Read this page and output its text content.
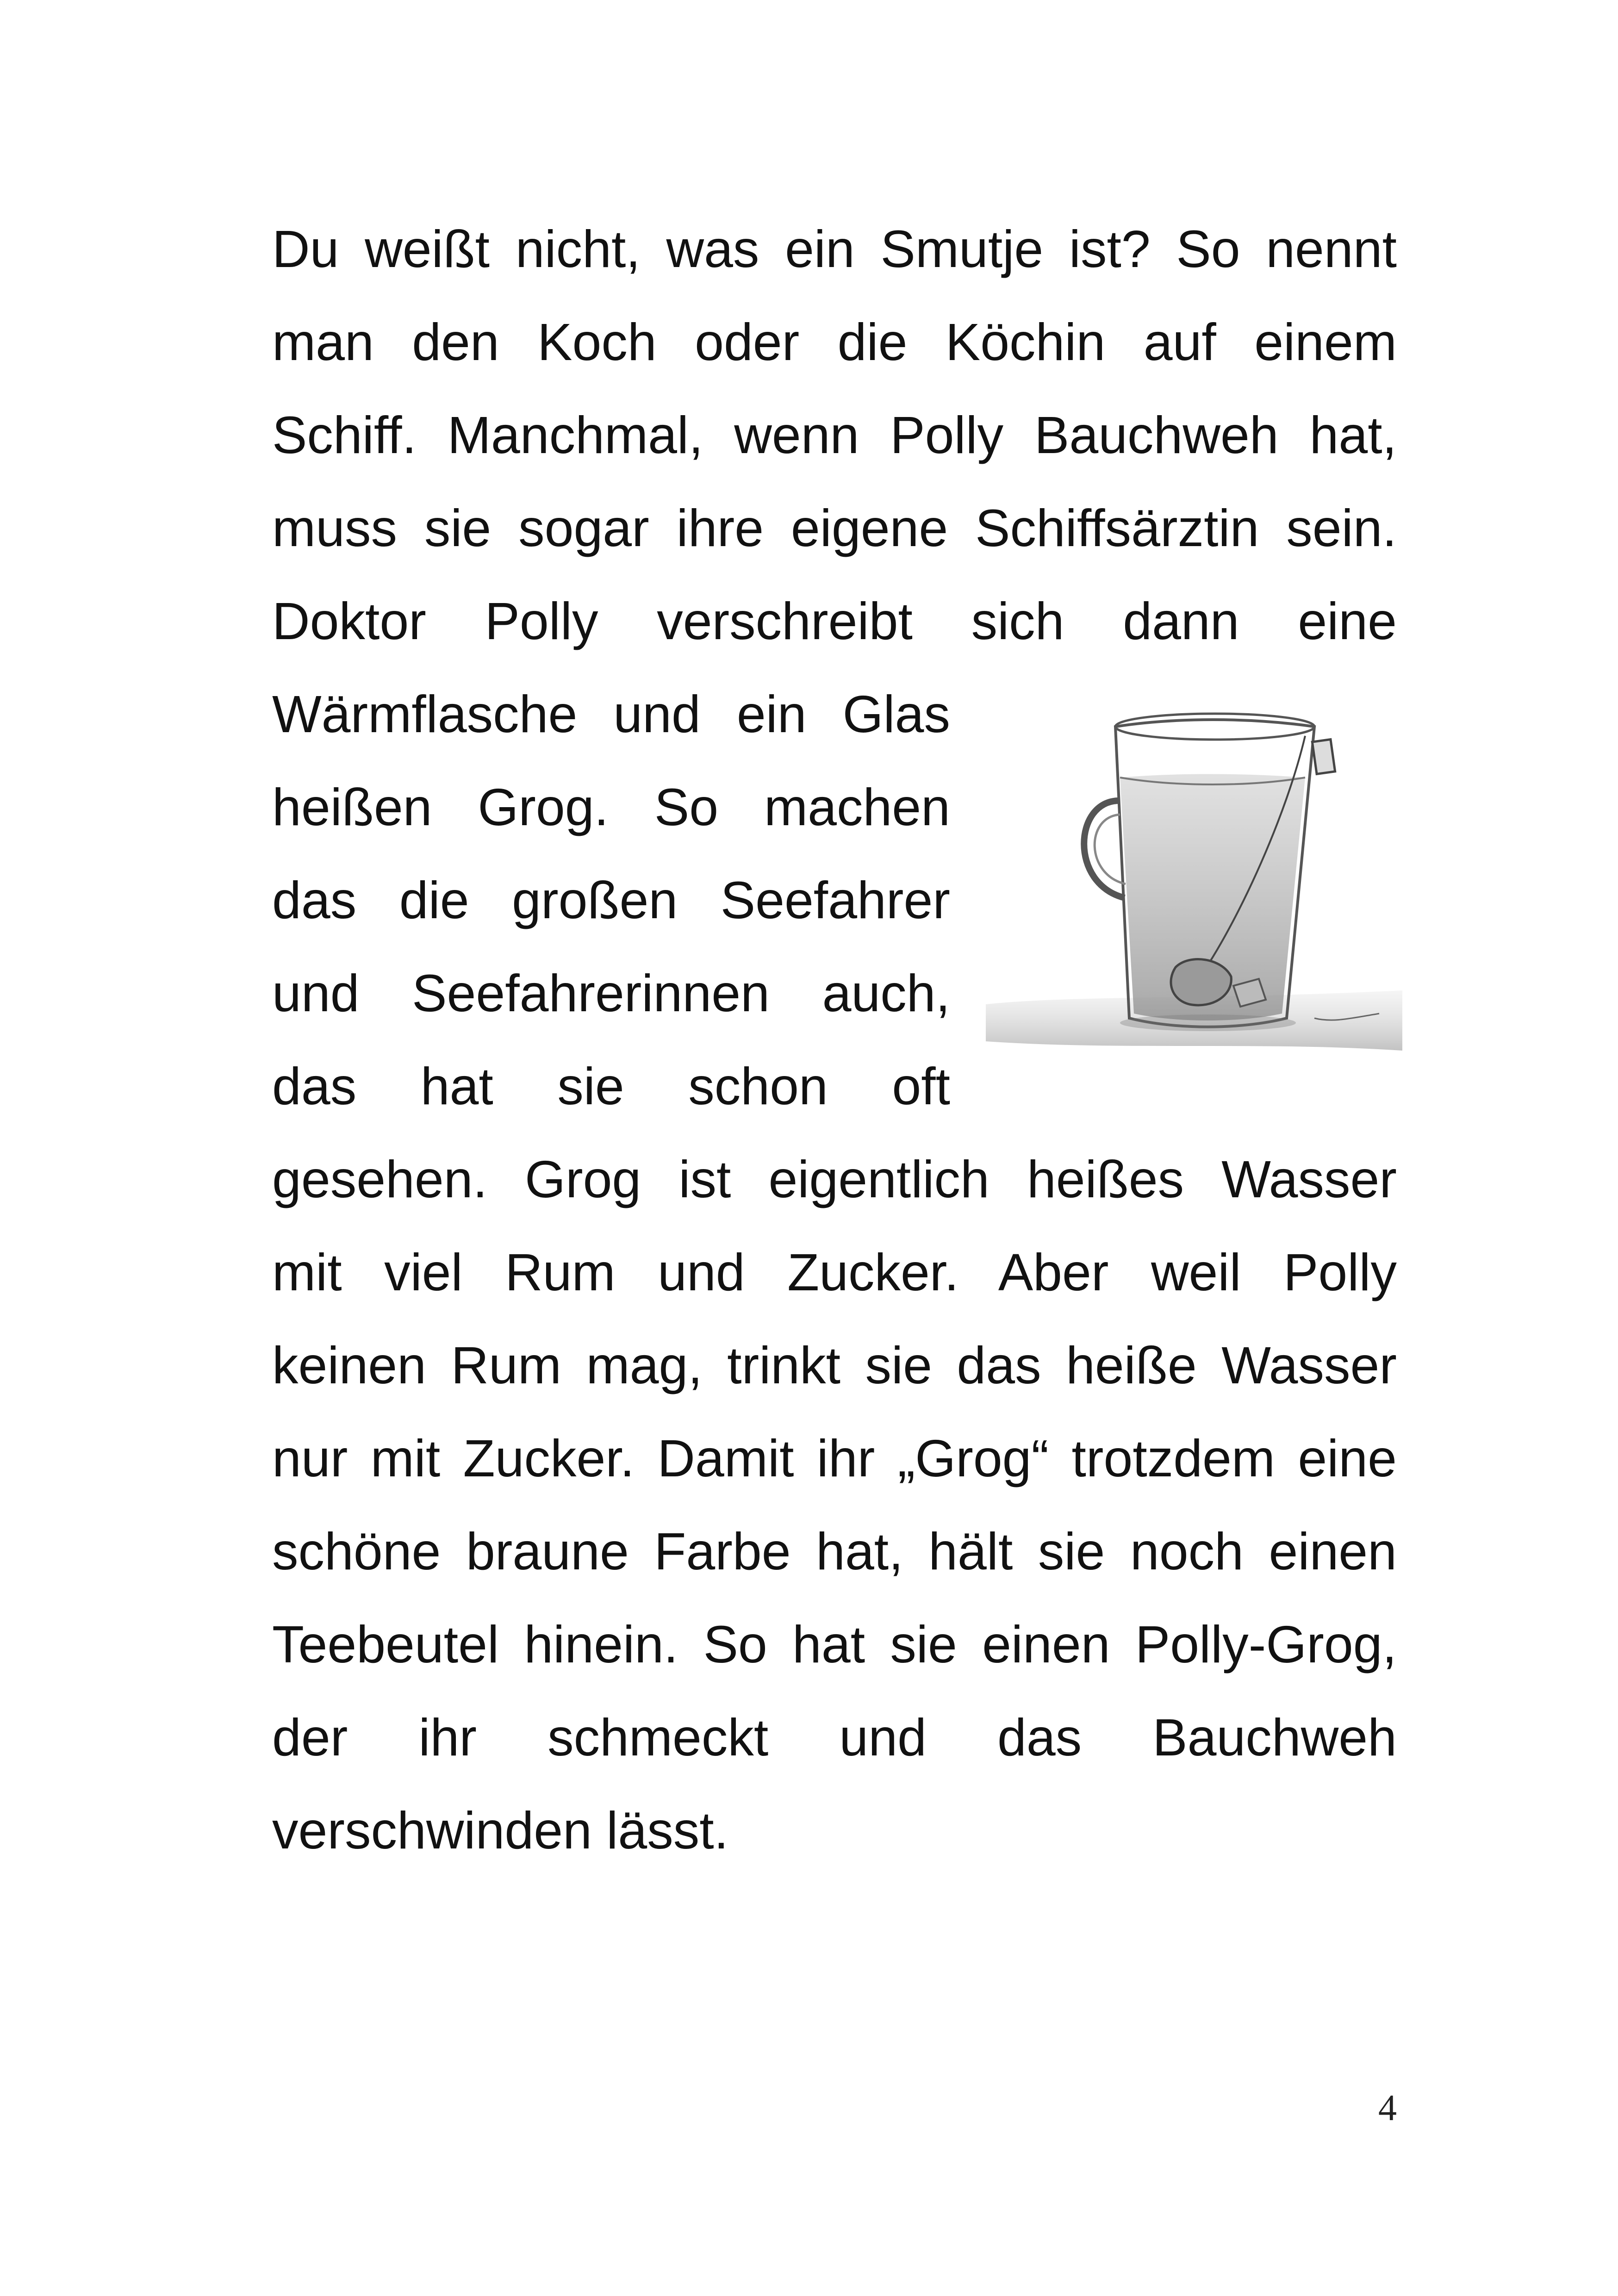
Du weißt nicht, was ein Smutje ist? So nennt
man den Koch oder die Köchin auf einem
Schiff. Manchmal, wenn Polly Bauchweh hat,
muss sie sogar ihre eigene Schiffsärztin sein.
Doktor Polly verschreibt sich dann eine
Wärmflasche und ein Glas
heißen Grog. So machen
das die großen Seefahrer
und Seefahrerinnen auch,
das hat sie schon oft
gesehen. Grog ist eigentlich heißes Wasser
mit viel Rum und Zucker. Aber weil Polly
keinen Rum mag, trinkt sie das heiße Wasser
nur mit Zucker. Damit ihr „Grog“ trotzdem eine
schöne braune Farbe hat, hält sie noch einen
Teebeutel hinein. So hat sie einen Polly-Grog,
der ihr schmeckt und das Bauchweh
verschwinden lässt.
4
